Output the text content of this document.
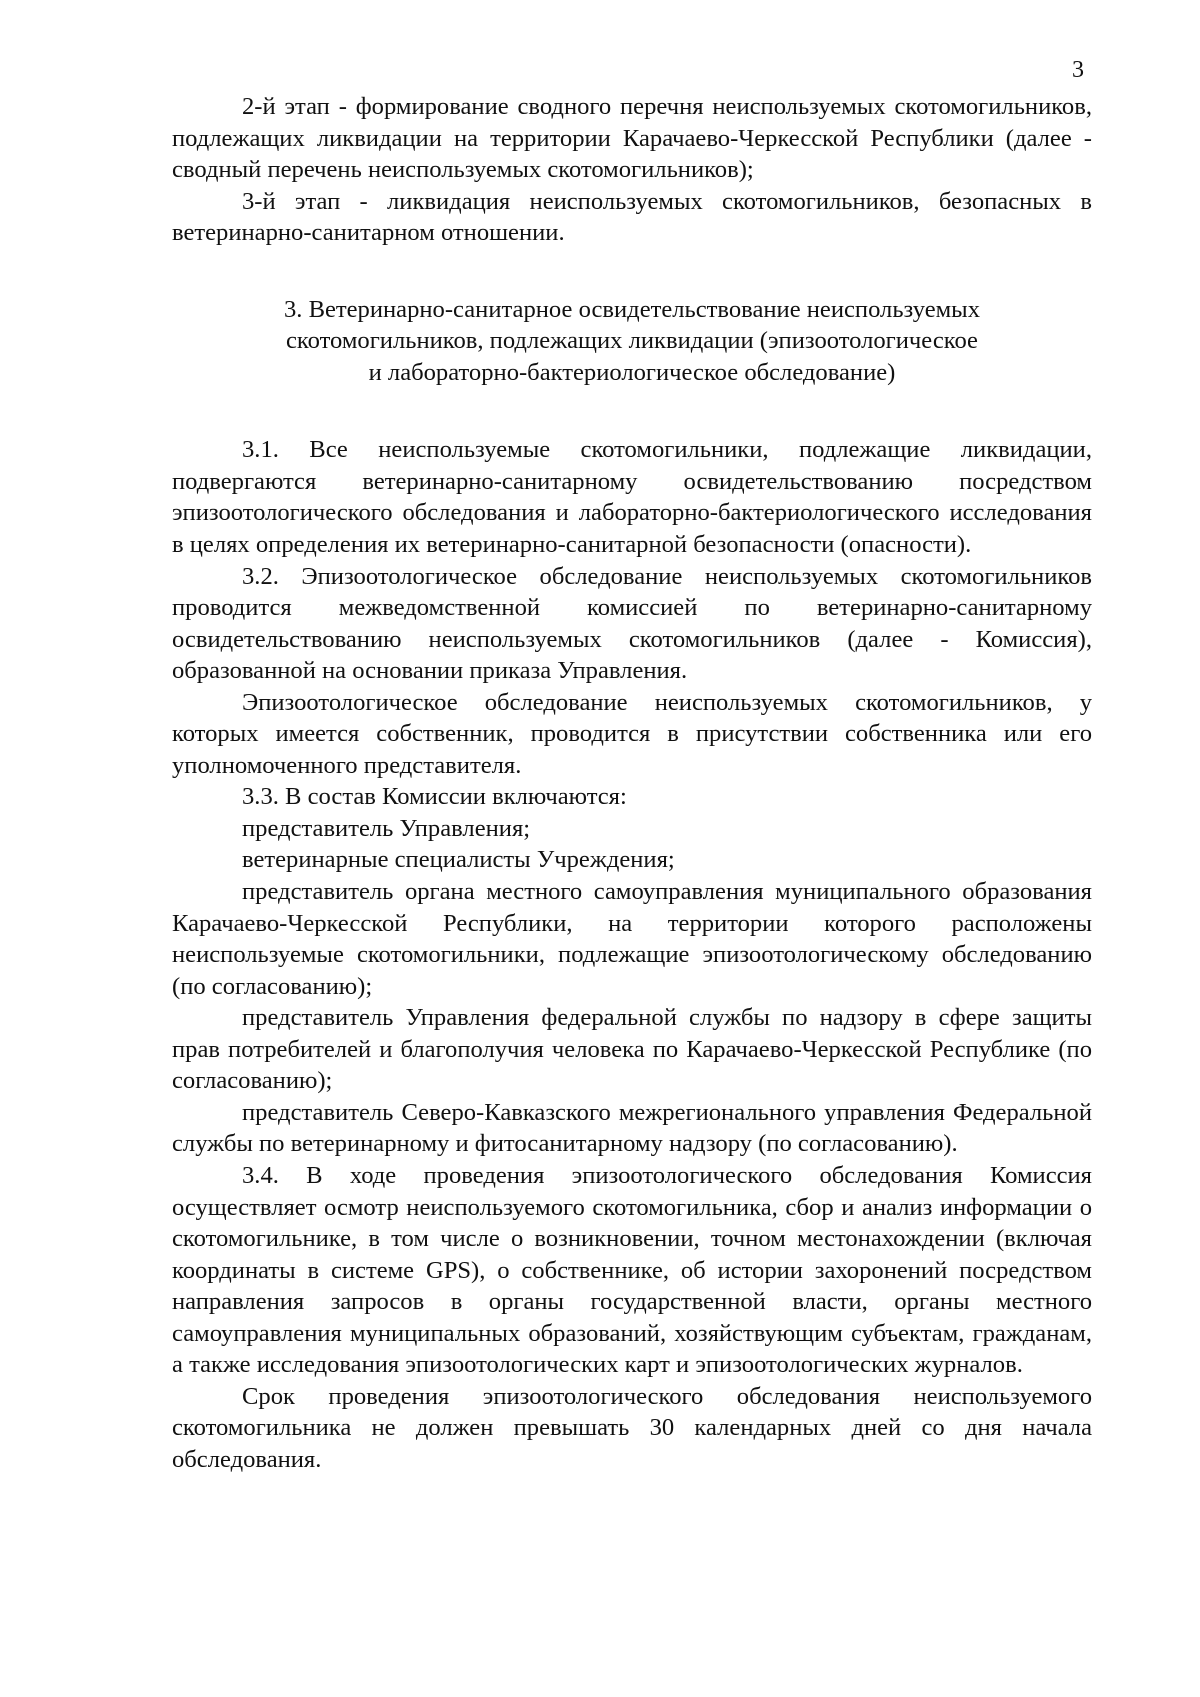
3

2-й этап - формирование сводного перечня неиспользуемых скотомогильников, подлежащих ликвидации на территории Карачаево-Черкесской Республики (далее - сводный перечень неиспользуемых скотомогильников);

3-й этап - ликвидация неиспользуемых скотомогильников, безопасных в ветеринарно-санитарном отношении.

3. Ветеринарно-санитарное освидетельствование неиспользуемых
скотомогильников, подлежащих ликвидации (эпизоотологическое
и лабораторно-бактериологическое обследование)

3.1. Все неиспользуемые скотомогильники, подлежащие ликвидации, подвергаются ветеринарно-санитарному освидетельствованию посредством эпизоотологического обследования и лабораторно-бактериологического исследования в целях определения их ветеринарно-санитарной безопасности (опасности).

3.2. Эпизоотологическое обследование неиспользуемых скотомогильников проводится межведомственной комиссией по ветеринарно-санитарному освидетельствованию неиспользуемых скотомогильников (далее - Комиссия), образованной на основании приказа Управления.

Эпизоотологическое обследование неиспользуемых скотомогильников, у которых имеется собственник, проводится в присутствии собственника или его уполномоченного представителя.

3.3. В состав Комиссии включаются:

представитель Управления;

ветеринарные специалисты Учреждения;

представитель органа местного самоуправления муниципального образования Карачаево-Черкесской Республики, на территории которого расположены неиспользуемые скотомогильники, подлежащие эпизоотологическому обследованию (по согласованию);

представитель Управления федеральной службы по надзору в сфере защиты прав потребителей и благополучия человека по Карачаево-Черкесской Республике (по согласованию);

представитель Северо-Кавказского межрегионального управления Федеральной службы по ветеринарному и фитосанитарному надзору (по согласованию).

3.4. В ходе проведения эпизоотологического обследования Комиссия осуществляет осмотр неиспользуемого скотомогильника, сбор и анализ информации о скотомогильнике, в том числе о возникновении, точном местонахождении (включая координаты в системе GPS), о собственнике, об истории захоронений посредством направления запросов в органы государственной власти, органы местного самоуправления муниципальных образований, хозяйствующим субъектам, гражданам, а также исследования эпизоотологических карт и эпизоотологических журналов.

Срок проведения эпизоотологического обследования неиспользуемого скотомогильника не должен превышать 30 календарных дней со дня начала обследования.
